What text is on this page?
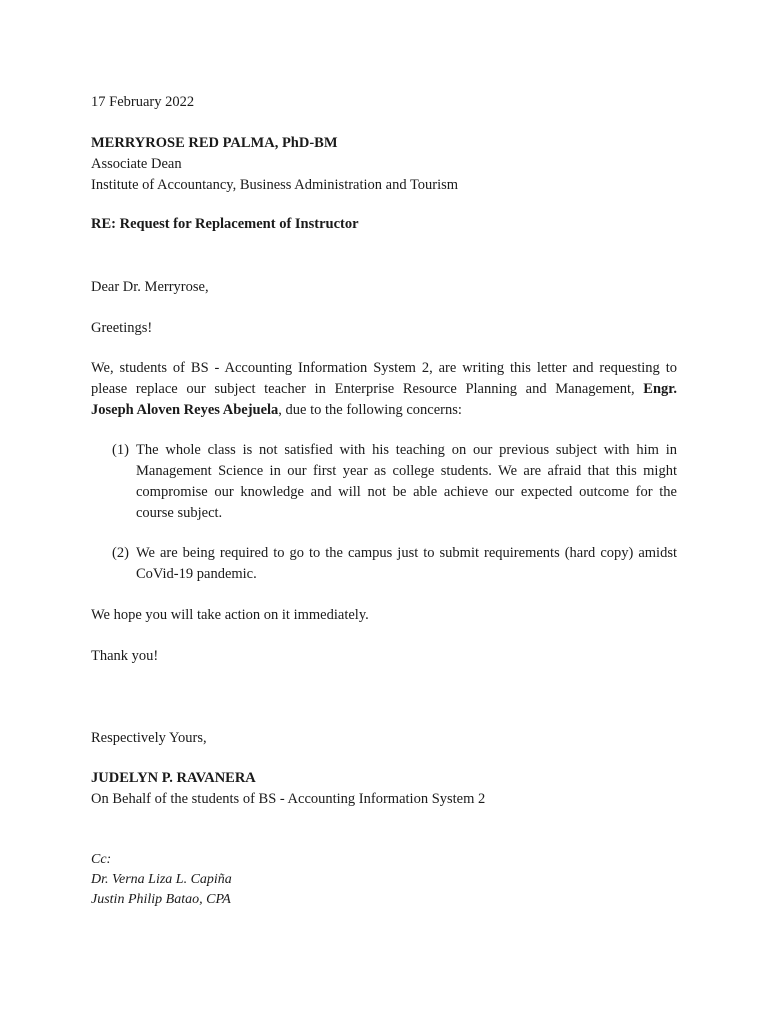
17 February 2022
MERRYROSE RED PALMA, PhD-BM
Associate Dean
Institute of Accountancy, Business Administration and Tourism
RE: Request for Replacement of Instructor
Dear Dr. Merryrose,
Greetings!
We, students of BS - Accounting Information System 2, are writing this letter and requesting to
please replace our subject teacher in Enterprise Resource Planning and Management, Engr.
Joseph Aloven Reyes Abejuela, due to the following concerns:
(1) The whole class is not satisfied with his teaching on our previous subject with him in
Management Science in our first year as college students. We are afraid that this might
compromise our knowledge and will not be able achieve our expected outcome for the
course subject.
(2) We are being required to go to the campus just to submit requirements (hard copy) amidst
CoVid-19 pandemic.
We hope you will take action on it immediately.
Thank you!
Respectively Yours,
JUDELYN P. RAVANERA
On Behalf of the students of BS - Accounting Information System 2
Cc:
Dr. Verna Liza L. Capiña
Justin Philip Batao, CPA
